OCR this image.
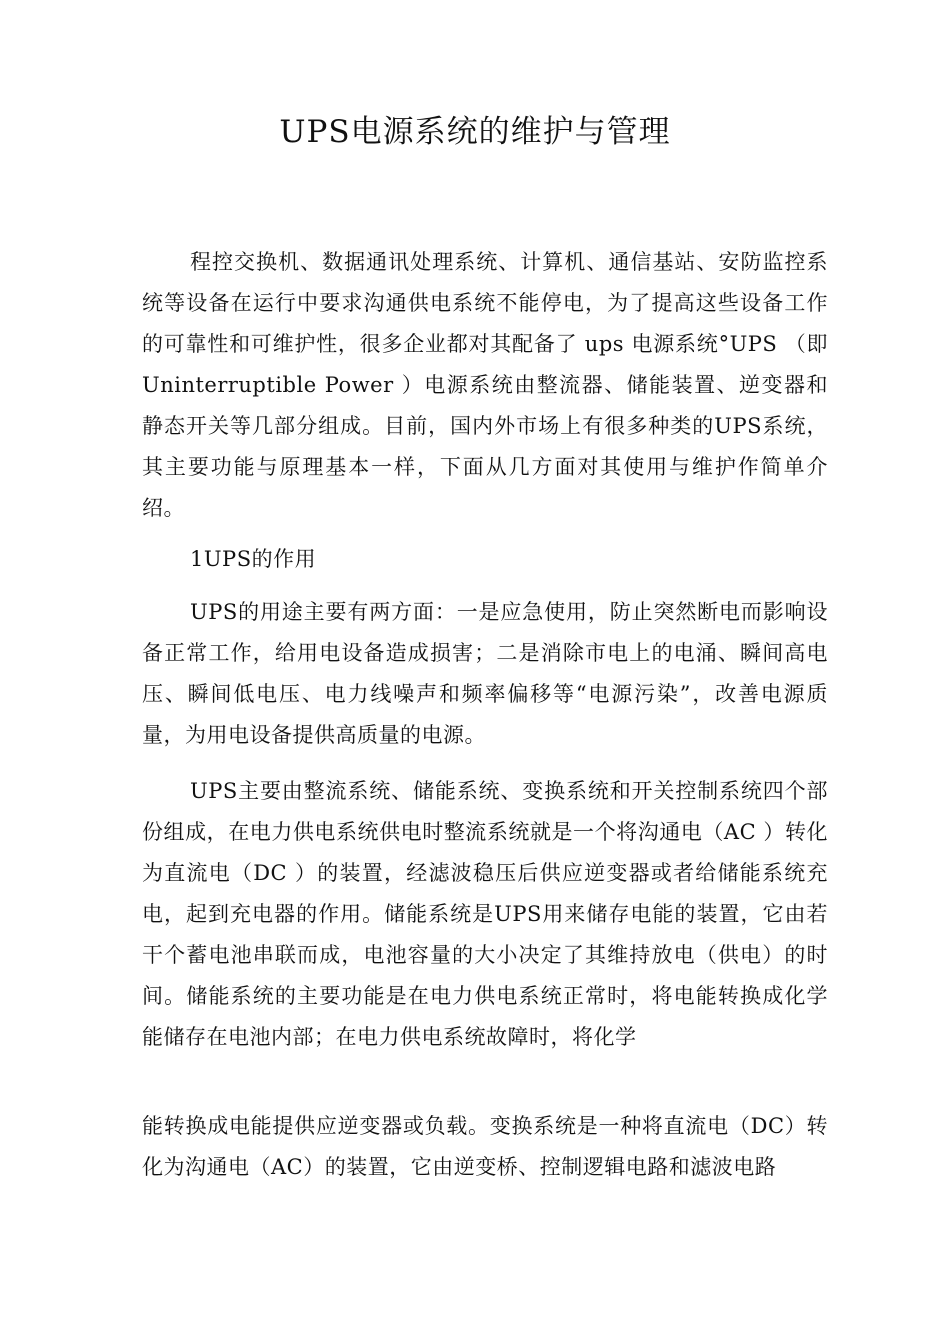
UPS电源系统的维护与管理

程控交换机、数据通讯处理系统、计算机、通信基站、安防监控系统等设备在运行中要求沟通供电系统不能停电，为了提高这些设备工作的可靠性和可维护性，很多企业都对其配备了 ups 电源系统°UPS （即 Uninterruptible Power ）电源系统由整流器、储能装置、逆变器和静态开关等几部分组成。目前，国内外市场上有很多种类的UPS系统，其主要功能与原理基本一样，下面从几方面对其使用与维护作简单介绍。

1UPS的作用

UPS的用途主要有两方面：一是应急使用，防止突然断电而影响设备正常工作，给用电设备造成损害；二是消除市电上的电涌、瞬间高电压、瞬间低电压、电力线噪声和频率偏移等“电源污染”，改善电源质量，为用电设备提供高质量的电源。

UPS主要由整流系统、储能系统、变换系统和开关控制系统四个部份组成，在电力供电系统供电时整流系统就是一个将沟通电（AC ）转化为直流电（DC ）的装置，经滤波稳压后供应逆变器或者给储能系统充电，起到充电器的作用。储能系统是UPS用来储存电能的装置，它由若干个蓄电池串联而成，电池容量的大小决定了其维持放电（供电）的时间。储能系统的主要功能是在电力供电系统正常时，将电能转换成化学能储存在电池内部；在电力供电系统故障时，将化学

能转换成电能提供应逆变器或负载。变换系统是一种将直流电（DC）转化为沟通电（AC）的装置，它由逆变桥、控制逻辑电路和滤波电路
